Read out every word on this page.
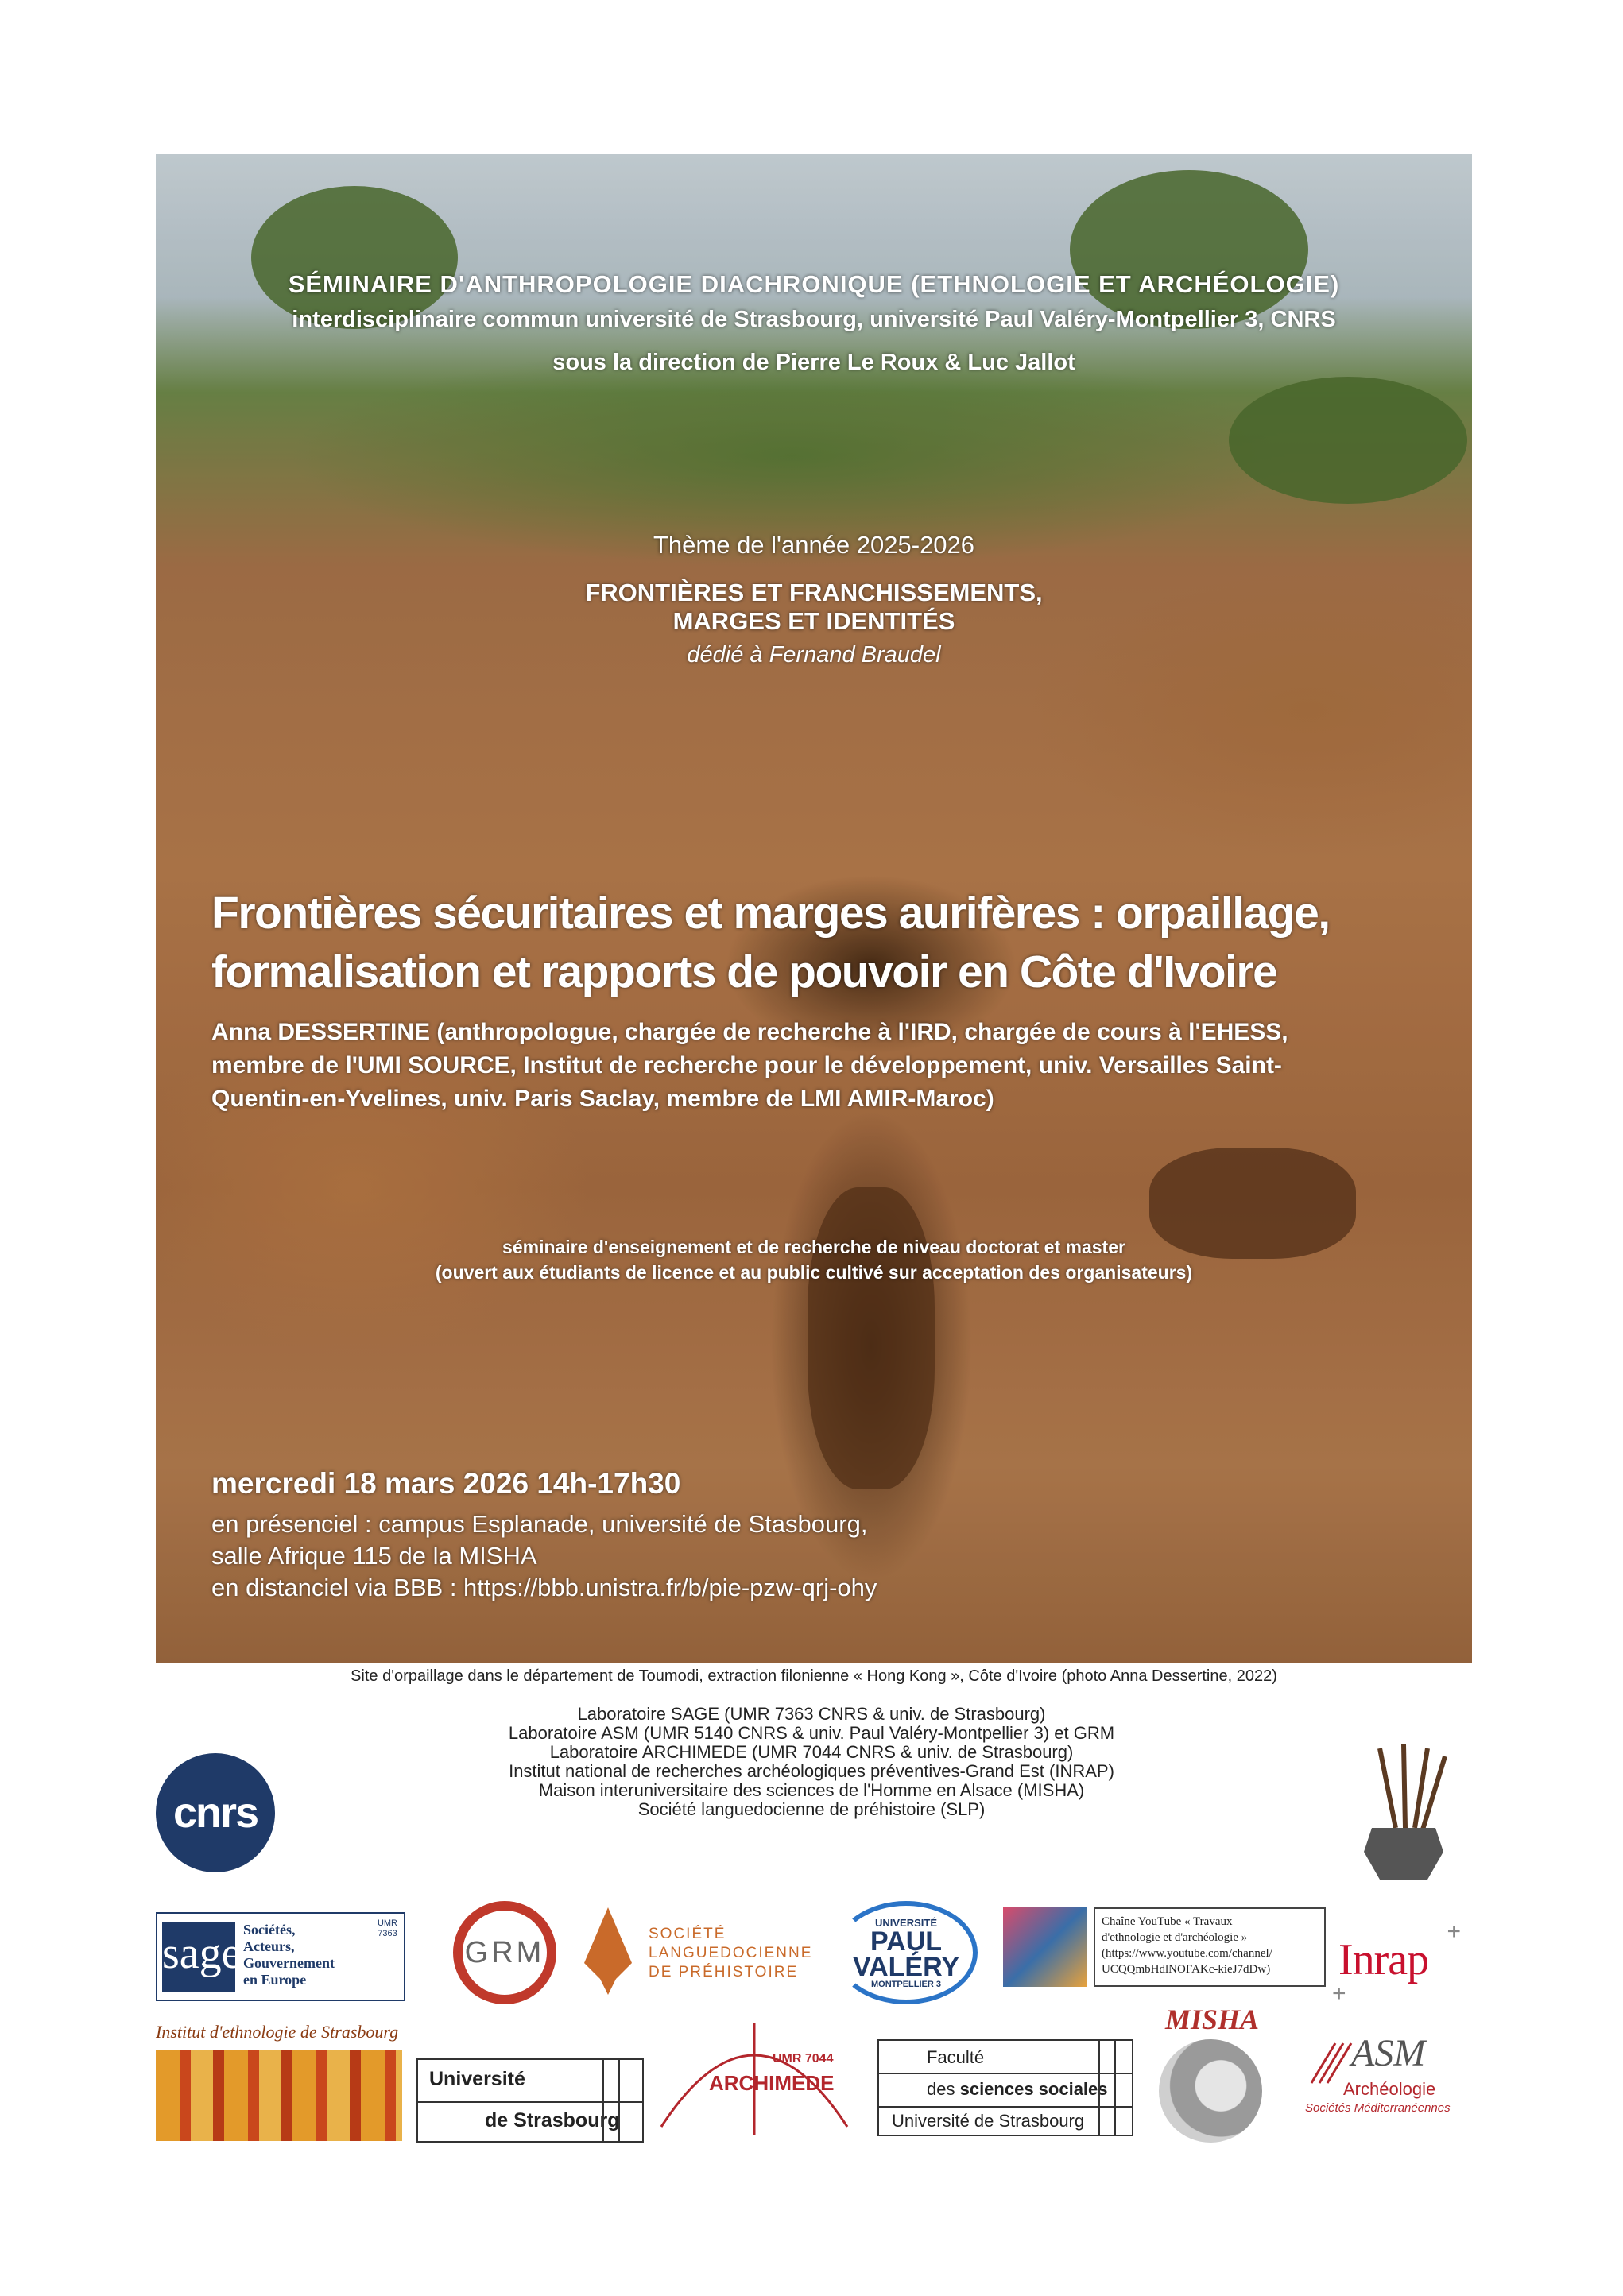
SÉMINAIRE D'ANTHROPOLOGIE DIACHRONIQUE (ETHNOLOGIE ET ARCHÉOLOGIE)
interdisciplinaire commun université de Strasbourg, université Paul Valéry-Montpellier 3, CNRS
sous la direction de Pierre Le Roux & Luc Jallot
Thème de l'année 2025-2026
FRONTIÈRES ET FRANCHISSEMENTS,
MARGES ET IDENTITÉS
dédié à Fernand Braudel
Frontières sécuritaires et marges aurifères : orpaillage,
formalisation et rapports de pouvoir en Côte d'Ivoire
Anna DESSERTINE (anthropologue, chargée de recherche à l'IRD, chargée de cours à l'EHESS,
membre de l'UMI SOURCE, Institut de recherche pour le développement, univ. Versailles Saint-
Quentin-en-Yvelines, univ. Paris Saclay, membre de LMI AMIR-Maroc)
séminaire d'enseignement et de recherche de niveau doctorat et master
(ouvert aux étudiants de licence et au public cultivé sur acceptation des organisateurs)
mercredi 18 mars 2026 14h-17h30
en présenciel : campus Esplanade, université de Stasbourg,
salle Afrique 115 de la MISHA
en distanciel via BBB : https://bbb.unistra.fr/b/pie-pzw-qrj-ohy
Site d'orpaillage dans le département de Toumodi, extraction filonienne « Hong Kong », Côte d'Ivoire (photo Anna Dessertine, 2022)
Laboratoire SAGE (UMR 7363 CNRS & univ. de Strasbourg)
Laboratoire ASM (UMR 5140 CNRS & univ. Paul Valéry-Montpellier 3) et GRM
Laboratoire ARCHIMEDE (UMR 7044 CNRS & univ. de Strasbourg)
Institut national de recherches archéologiques préventives-Grand Est (INRAP)
Maison interuniversitaire des sciences de l'Homme en Alsace (MISHA)
Société languedocienne de préhistoire (SLP)
cnrs
sage Sociétés,
Acteurs,
Gouvernement
en Europe
UMR
7363
GRM
SOCIÉTÉ
LANGUEDOCIENNE
DE PRÉHISTOIRE
UNIVERSITÉ
PAUL
VALÉRY
MONTPELLIER 3
Chaîne YouTube « Travaux
d'ethnologie et d'archéologie »
(https://www.youtube.com/channel/
UCQQmbHdlNOFAKc-kieJ7dDw)	Inrap
+
+
Institut d'ethnologie de Strasbourg
Université
de Strasbourg
UMR 7044
ARCHIMEDE
Faculté
des sciences sociales
Université de Strasbourg
MISHA
ASM
Archéologie
Sociétés Méditerranéennes
